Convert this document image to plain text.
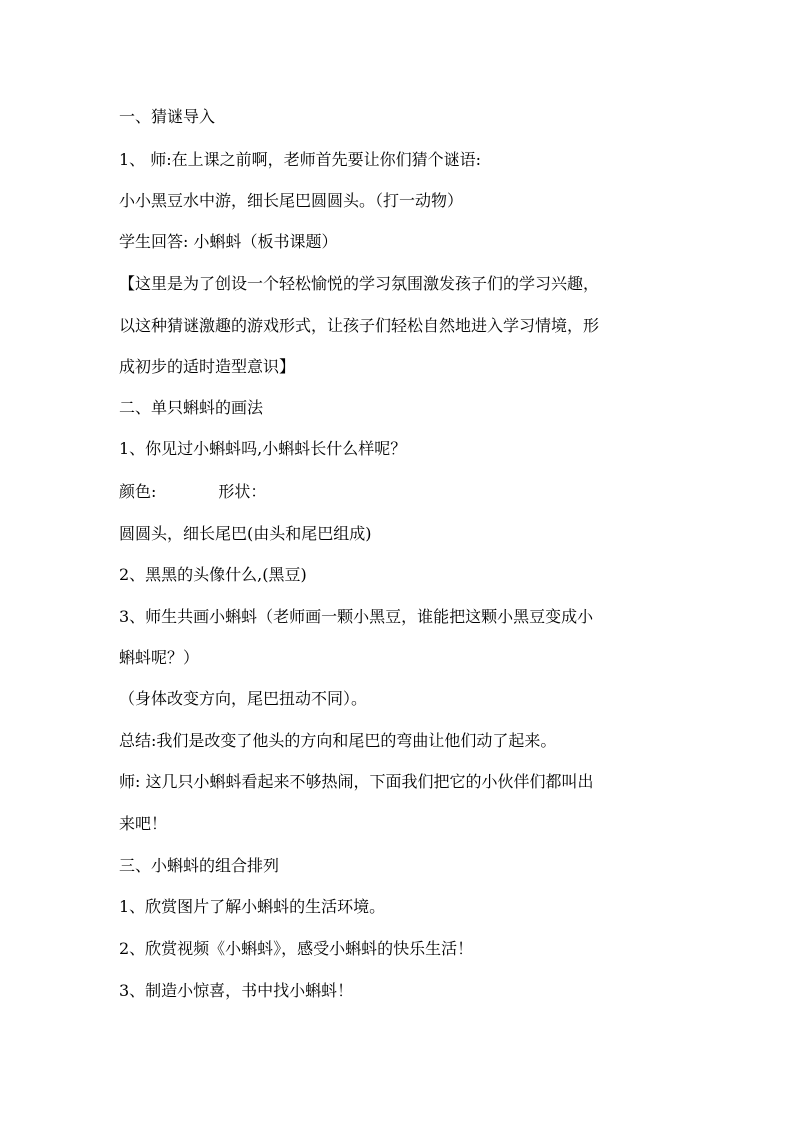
一、猜谜导入
1、 师:在上课之前啊，老师首先要让你们猜个谜语:
小小黑豆水中游，细长尾巴圆圆头。（打一动物）
学生回答: 小蝌蚪（板书课题）
【这里是为了创设一个轻松愉悦的学习氛围激发孩子们的学习兴趣，
以这种猜谜激趣的游戏形式，让孩子们轻松自然地进入学习情境，形
成初步的适时造型意识】
二、单只蝌蚪的画法
1、你见过小蝌蚪吗,小蝌蚪长什么样呢？
颜色:	形状：
圆圆头，细长尾巴(由头和尾巴组成)
2、黑黑的头像什么,(黑豆)
3、师生共画小蝌蚪（老师画一颗小黑豆，谁能把这颗小黑豆变成小
蝌蚪呢？）
（身体改变方向，尾巴扭动不同）。
总结:我们是改变了他头的方向和尾巴的弯曲让他们动了起来。
师: 这几只小蝌蚪看起来不够热闹，下面我们把它的小伙伴们都叫出
来吧！
三、小蝌蚪的组合排列
1、欣赏图片了解小蝌蚪的生活环境。
2、欣赏视频《小蝌蚪》，感受小蝌蚪的快乐生活！
3、制造小惊喜，书中找小蝌蚪！
